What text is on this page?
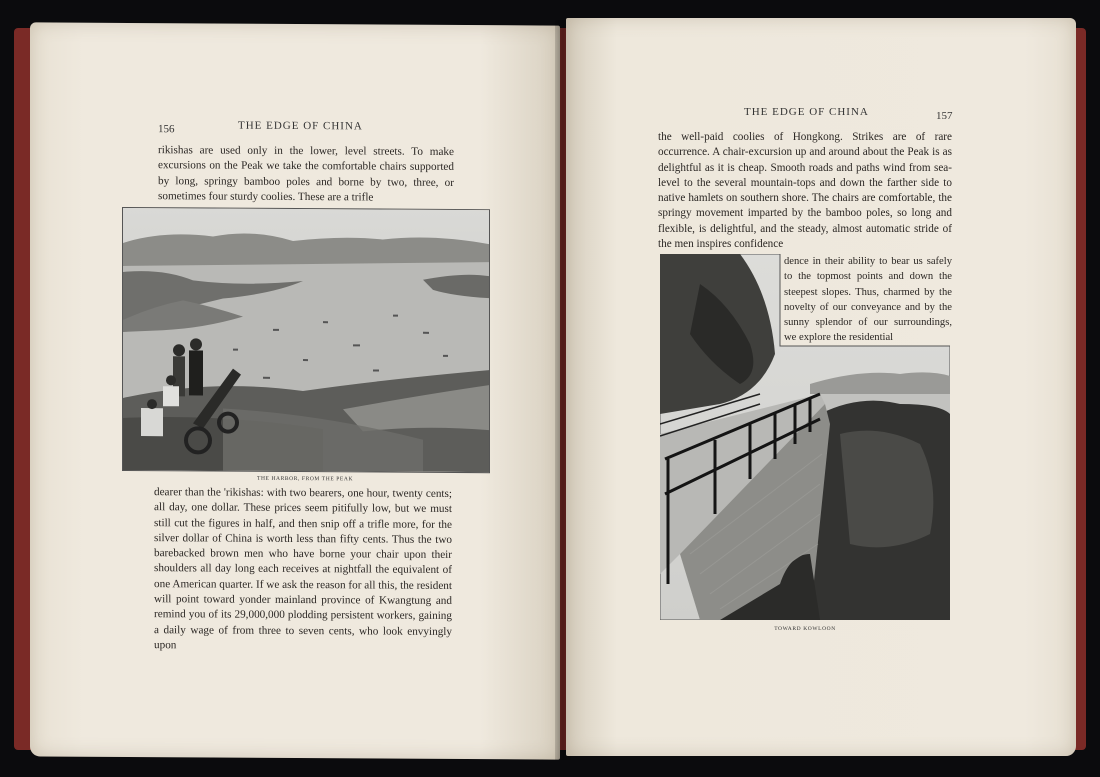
156	THE EDGE OF CHINA

rikishas are used only in the lower, level streets. To make excursions on the Peak we take the comfortable chairs supported by long, springy bamboo poles and borne by two, three, or sometimes four sturdy coolies. These are a trifle

THE HARBOR, FROM THE PEAK

dearer than the 'rikishas: with two bearers, one hour, twenty cents; all day, one dollar. These prices seem pitifully low, but we must still cut the figures in half, and then snip off a trifle more, for the silver dollar of China is worth less than fifty cents. Thus the two barebacked brown men who have borne your chair upon their shoulders all day long each receives at nightfall the equivalent of one American quarter. If we ask the reason for all this, the resident will point toward yonder mainland province of Kwangtung and remind you of its 29,000,000 plodding persistent workers, gaining a daily wage of from three to seven cents, who look envyingly upon

THE EDGE OF CHINA	157

the well-paid coolies of Hongkong. Strikes are of rare occurrence. A chair-excursion up and around about the Peak is as delightful as it is cheap. Smooth roads and paths wind from sea-level to the several mountain-tops and down the farther side to native hamlets on southern shore. The chairs are comfortable, the springy movement imparted by the bamboo poles, so long and flexible, is delightful, and the steady, almost automatic stride of the men inspires confidence

dence in their ability to bear us safely to the topmost points and down the steepest slopes. Thus, charmed by the novelty of our conveyance and by the sunny splendor of our surroundings, we explore the residential

TOWARD KOWLOON
